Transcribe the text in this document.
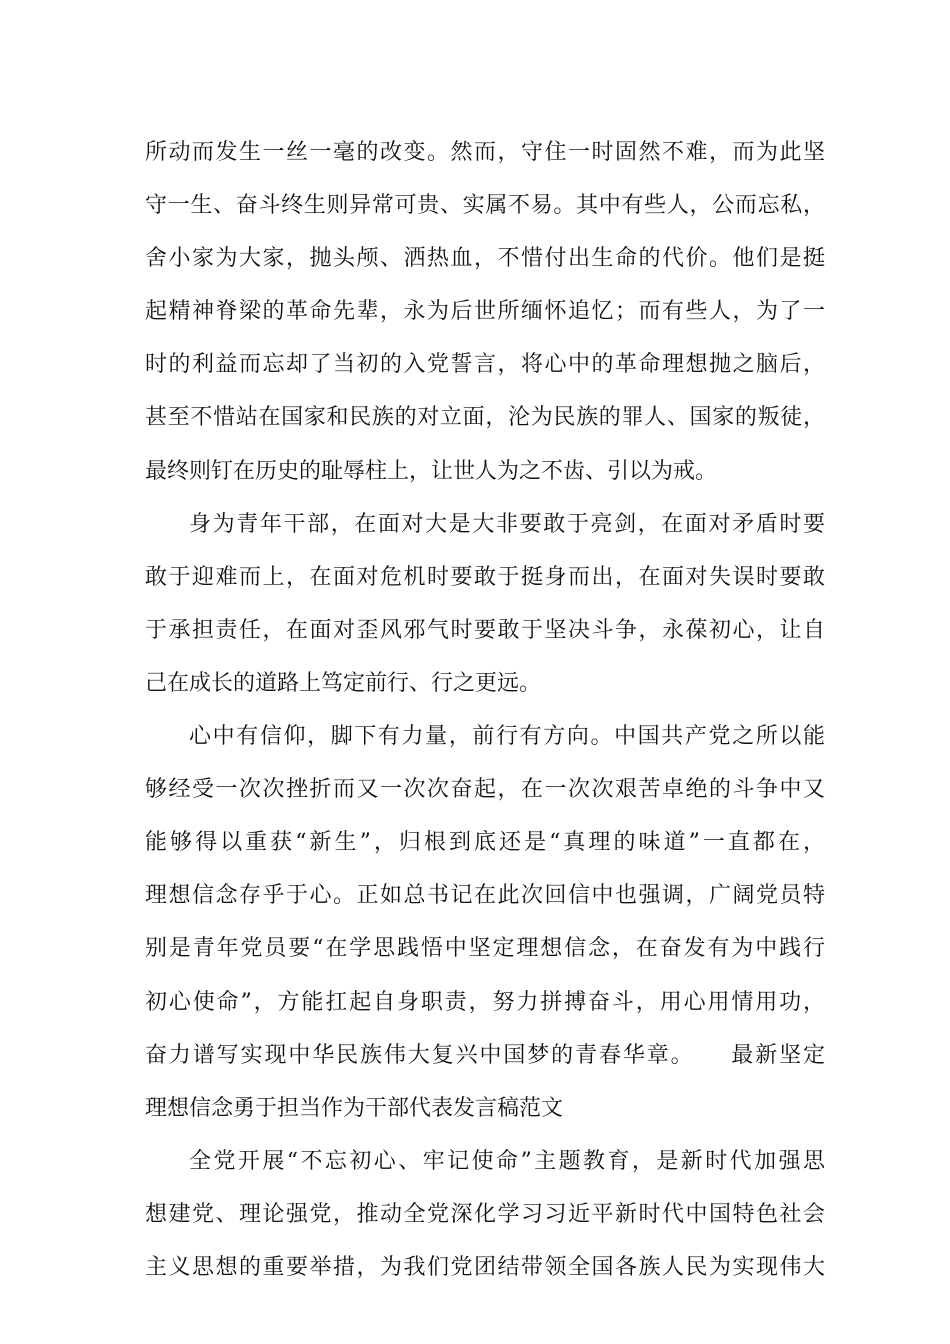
所动而发生一丝一毫的改变。然而，守住一时固然不难，而为此坚
守一生、奋斗终生则异常可贵、实属不易。其中有些人，公而忘私，
舍小家为大家，抛头颅、洒热血，不惜付出生命的代价。他们是挺
起精神脊梁的革命先辈，永为后世所缅怀追忆；而有些人，为了一
时的利益而忘却了当初的入党誓言，将心中的革命理想抛之脑后，
甚至不惜站在国家和民族的对立面，沦为民族的罪人、国家的叛徒，
最终则钉在历史的耻辱柱上，让世人为之不齿、引以为戒。
身为青年干部，在面对大是大非要敢于亮剑，在面对矛盾时要
敢于迎难而上，在面对危机时要敢于挺身而出，在面对失误时要敢
于承担责任，在面对歪风邪气时要敢于坚决斗争，永葆初心，让自
己在成长的道路上笃定前行、行之更远。
心中有信仰，脚下有力量，前行有方向。中国共产党之所以能
够经受一次次挫折而又一次次奋起，在一次次艰苦卓绝的斗争中又
能够得以重获“新生”，归根到底还是“真理的味道”一直都在，
理想信念存乎于心。正如总书记在此次回信中也强调，广阔党员特
别是青年党员要“在学思践悟中坚定理想信念，在奋发有为中践行
初心使命”，方能扛起自身职责，努力拼搏奋斗，用心用情用功，
奋力谱写实现中华民族伟大复兴中国梦的青春华章。　　最新坚定
理想信念勇于担当作为干部代表发言稿范文
全党开展“不忘初心、牢记使命”主题教育，是新时代加强思
想建党、理论强党，推动全党深化学习习近平新时代中国特色社会
主义思想的重要举措，为我们党团结带领全国各族人民为实现伟大
